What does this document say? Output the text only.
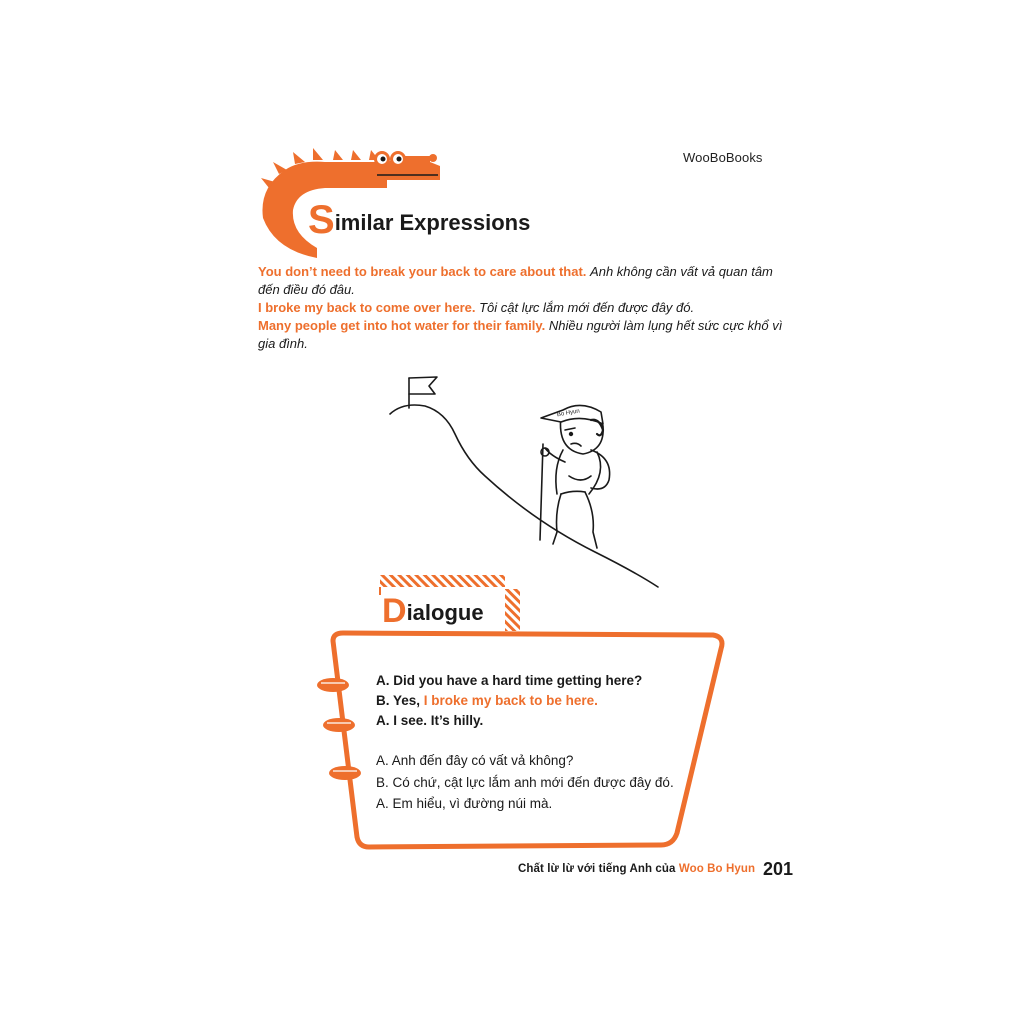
WooBoBooks
Similar Expressions
You don’t need to break your back to care about that. Anh không cần vất vả quan tâm đến điều đó đâu.
I broke my back to come over here. Tôi cật lực lắm mới đến được đây đó.
Many people get into hot water for their family. Nhiều người làm lụng hết sức cực khổ vì gia đình.
Bo Hyun
Dialogue
A. Did you have a hard time getting here?
B. Yes, I broke my back to be here.
A. I see. It’s hilly.
A. Anh đến đây có vất vả không?
B. Có chứ, cật lực lắm anh mới đến được đây đó.
A. Em hiểu, vì đường núi mà.
Chất lừ lừ với tiếng Anh của Woo Bo Hyun 201
